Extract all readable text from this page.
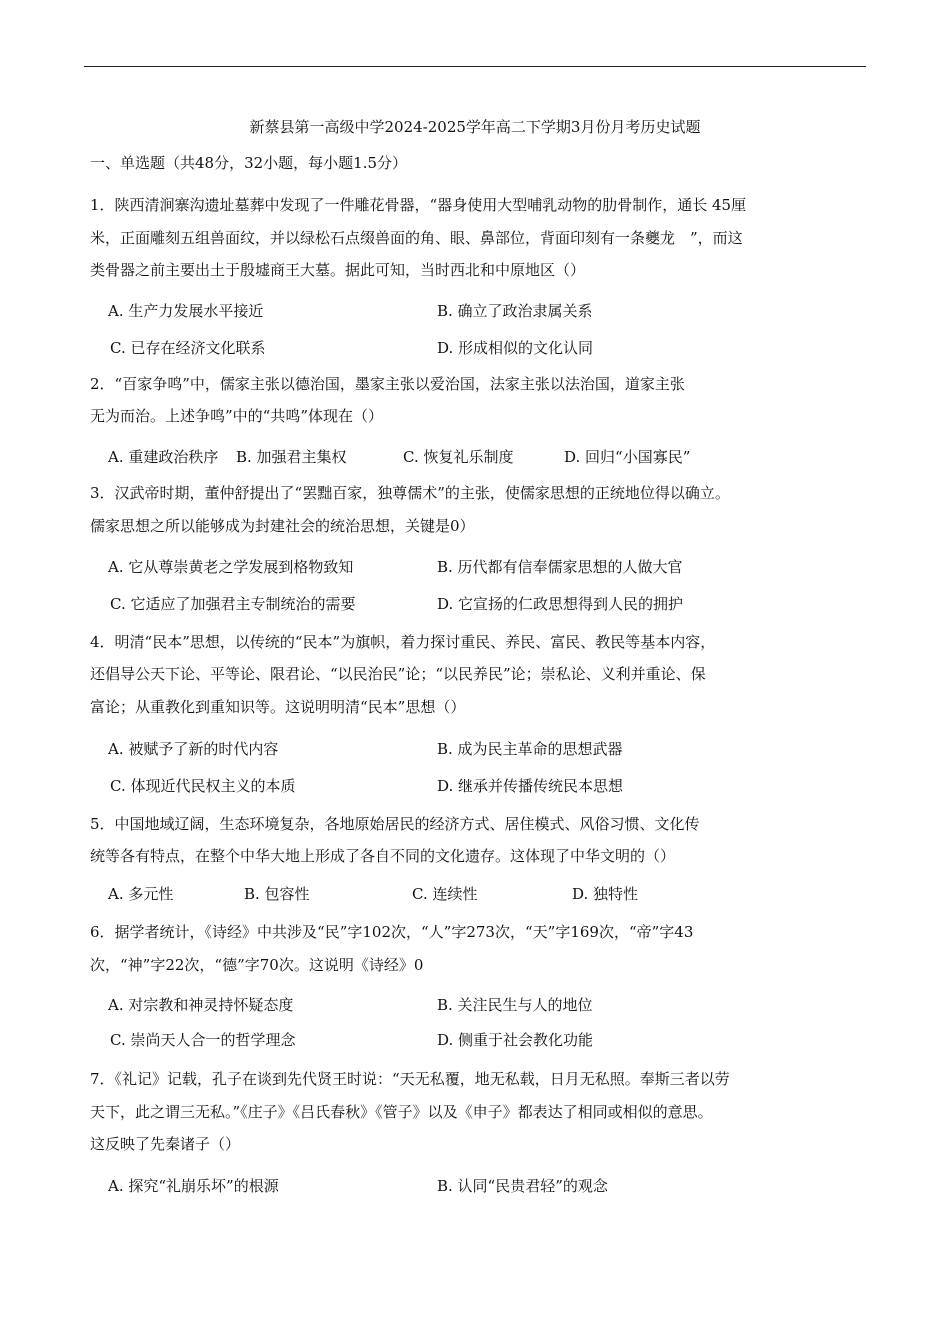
新蔡县第一高级中学2024-2025学年高二下学期3月份月考历史试题
一、单选题（共48分，32小题，每小题1.5分）
1．陕西清涧寨沟遗址墓葬中发现了一件雕花骨器，“器身使用大型哺乳动物的肋骨制作，通长 45厘
米，正面雕刻五组兽面纹，并以绿松石点缀兽面的角、眼、鼻部位，背面印刻有一条夔龙　”，而这
类骨器之前主要出土于殷墟商王大墓。据此可知，当时西北和中原地区（）
A. 生产力发展水平接近	B. 确立了政治隶属关系
C. 已存在经济文化联系	D. 形成相似的文化认同
2．“百家争鸣”中，儒家主张以德治国，墨家主张以爱治国，法家主张以法治国，道家主张
无为而治。上述争鸣”中的“共鸣”体现在（）
A. 重建政治秩序 B. 加强君主集权	C. 恢复礼乐制度	D. 回归“小国寡民”
3．汉武帝时期，董仲舒提出了“罢黜百家，独尊儒术”的主张，使儒家思想的正统地位得以确立。
儒家思想之所以能够成为封建社会的统治思想，关键是0）
A. 它从尊崇黄老之学发展到格物致知	B. 历代都有信奉儒家思想的人做大官
C. 它适应了加强君主专制统治的需要	D. 它宣扬的仁政思想得到人民的拥护
4．明清“民本”思想，以传统的“民本”为旗帜，着力探讨重民、养民、富民、教民等基本内容，
还倡导公天下论、平等论、限君论、“以民治民”论；“以民养民”论；崇私论、义利并重论、保
富论；从重教化到重知识等。这说明明清“民本”思想（）
A. 被赋予了新的时代内容	B. 成为民主革命的思想武器
C. 体现近代民权主义的本质	D. 继承并传播传统民本思想
5．中国地域辽阔，生态环境复杂，各地原始居民的经济方式、居住模式、风俗习惯、文化传
统等各有特点，在整个中华大地上形成了各自不同的文化遗存。这体现了中华文明的（）
A. 多元性	B. 包容性	C. 连续性	D. 独特性
6．据学者统计，《诗经》中共涉及“民”字102次，“人”字273次，“天”字169次，“帝”字43
次，“神”字22次，“德”字70次。这说明《诗经》0
A. 对宗教和神灵持怀疑态度	B. 关注民生与人的地位
C. 崇尚天人合一的哲学理念	D. 侧重于社会教化功能
7．《礼记》记载，孔子在谈到先代贤王时说：“天无私覆，地无私载，日月无私照。奉斯三者以劳
天下，此之谓三无私。”《庄子》《吕氏春秋》《管子》以及《申子》都表达了相同或相似的意思。
这反映了先秦诸子（）
A. 探究“礼崩乐坏”的根源	B. 认同“民贵君轻”的观念
